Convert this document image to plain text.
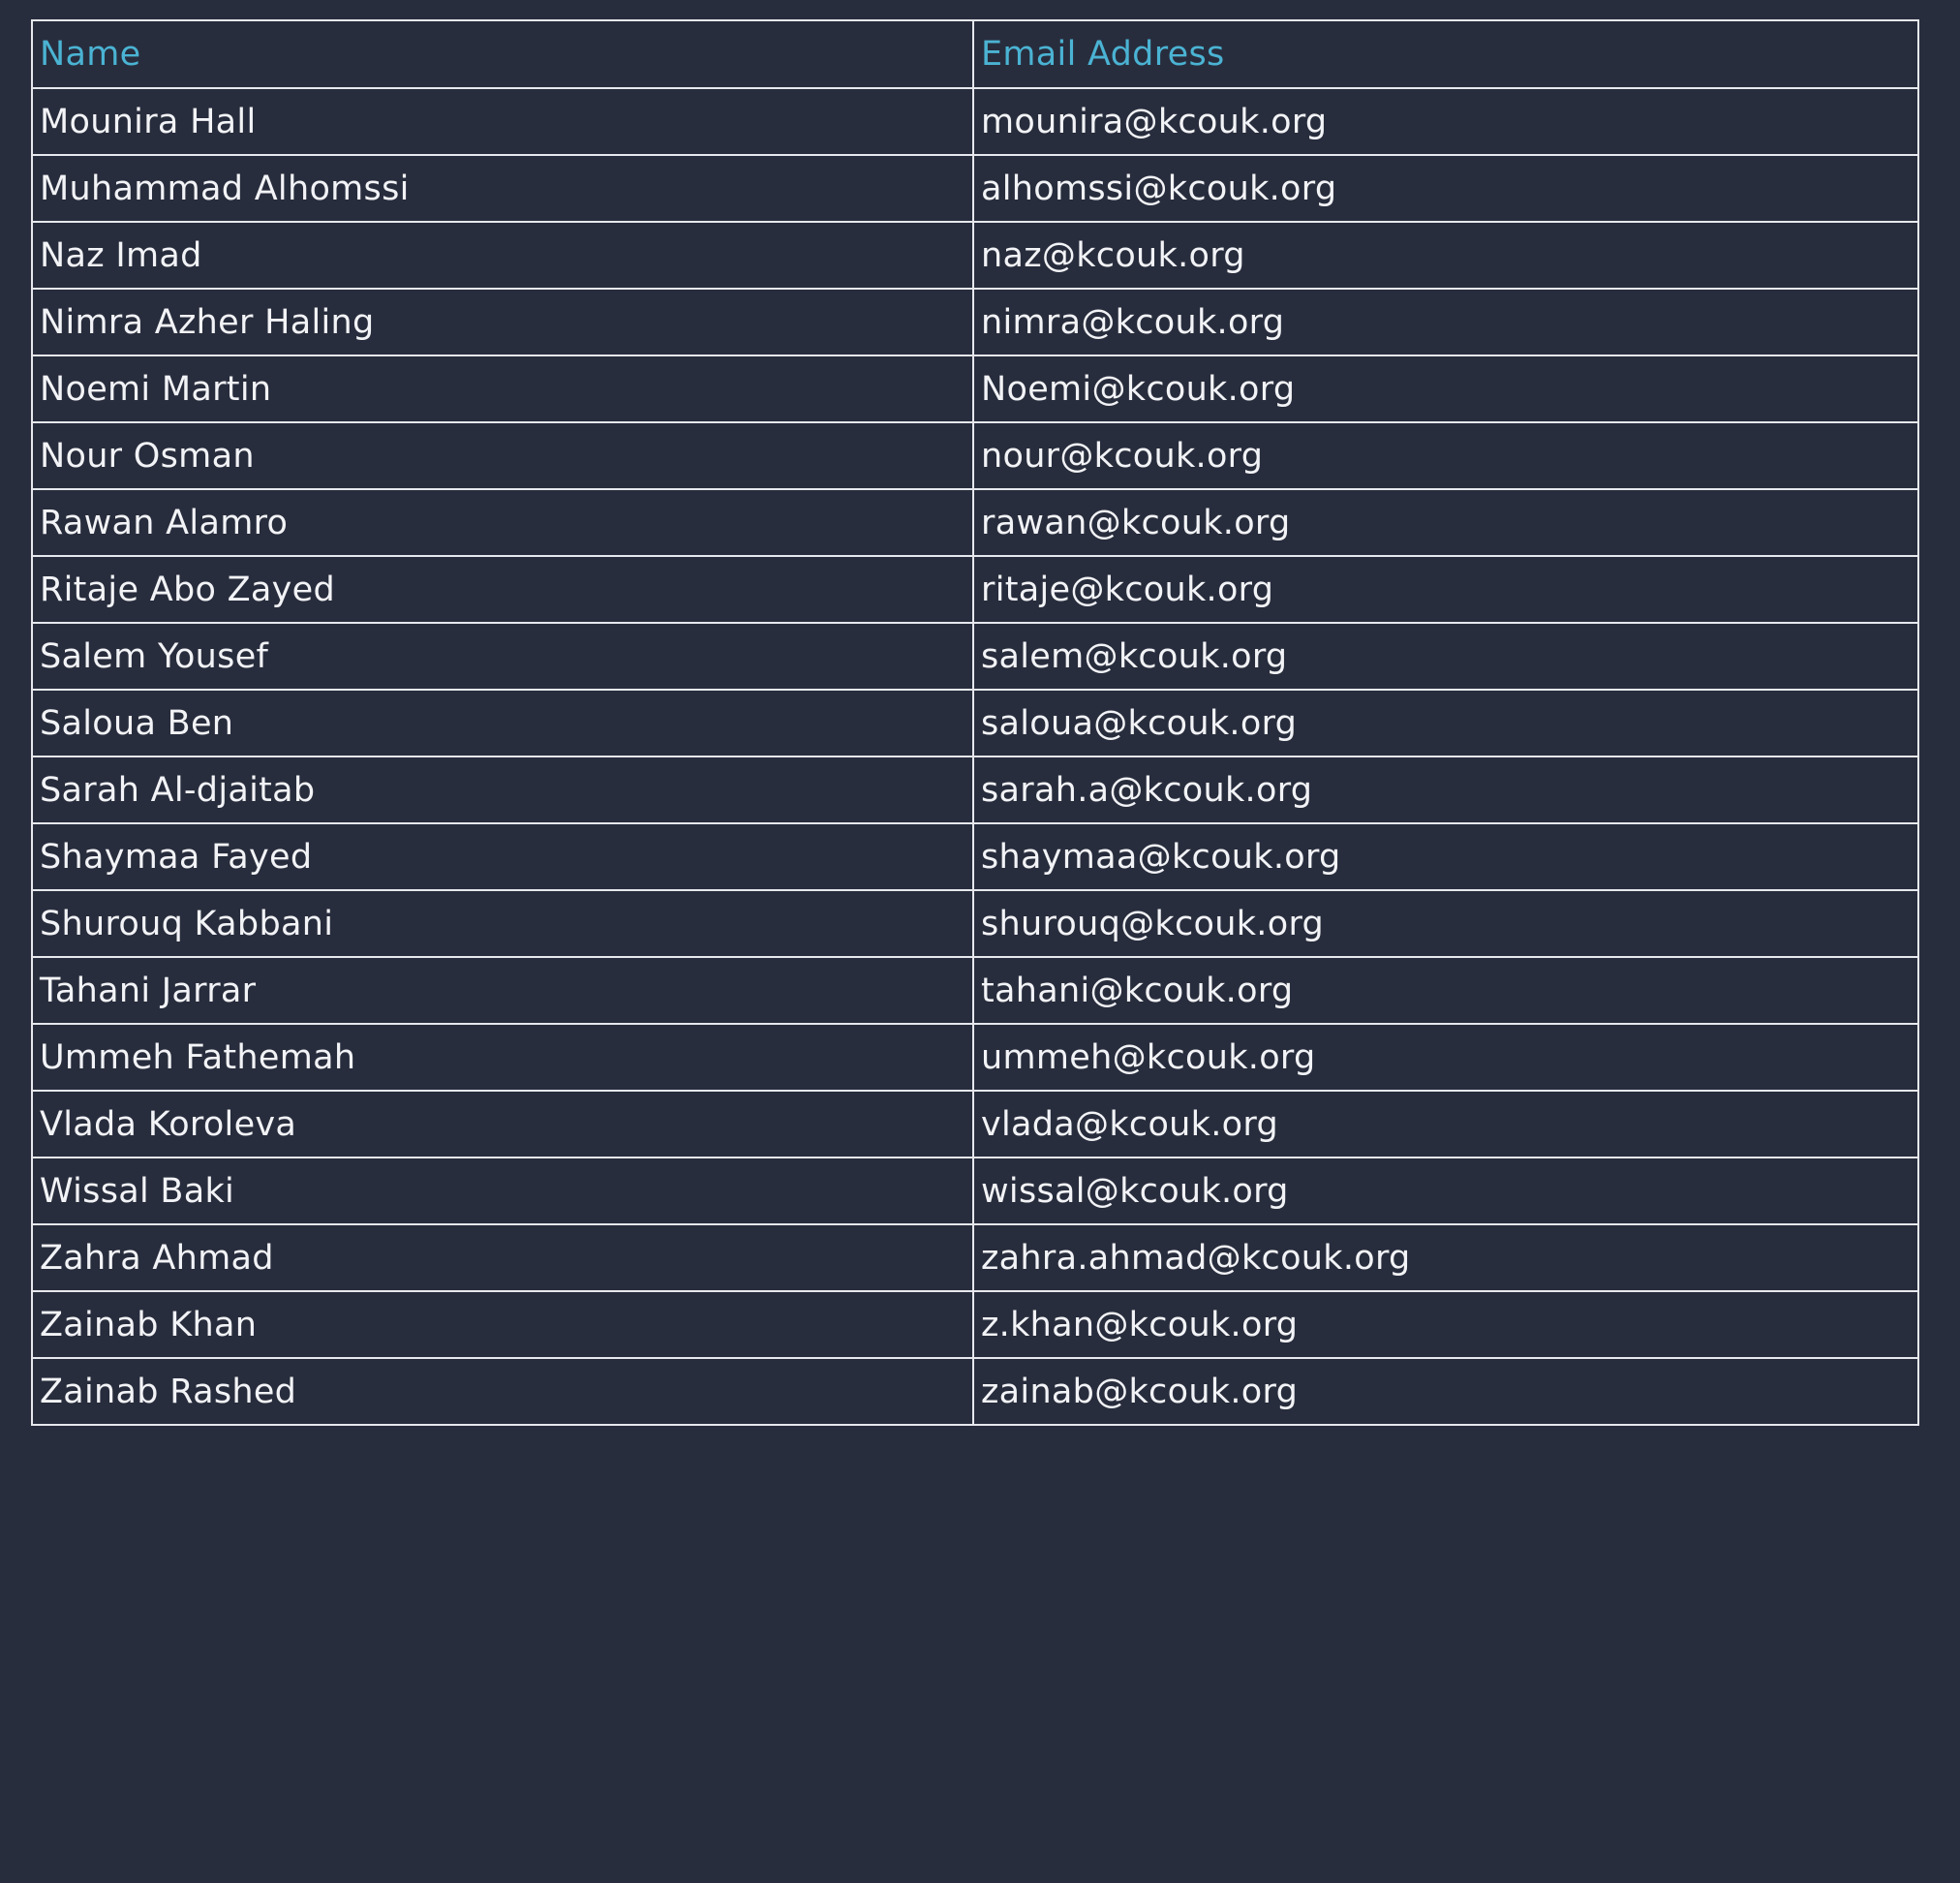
Name	Email Address
Mounira Hall	mounira@kcouk.org
Muhammad Alhomssi	alhomssi@kcouk.org
Naz Imad	naz@kcouk.org
Nimra Azher Haling	nimra@kcouk.org
Noemi Martin	Noemi@kcouk.org
Nour Osman	nour@kcouk.org
Rawan Alamro	rawan@kcouk.org
Ritaje Abo Zayed	ritaje@kcouk.org
Salem Yousef	salem@kcouk.org
Saloua Ben	saloua@kcouk.org
Sarah Al-djaitab	sarah.a@kcouk.org
Shaymaa Fayed	shaymaa@kcouk.org
Shurouq Kabbani	shurouq@kcouk.org
Tahani Jarrar	tahani@kcouk.org
Ummeh Fathemah	ummeh@kcouk.org
Vlada Koroleva	vlada@kcouk.org
Wissal Baki	wissal@kcouk.org
Zahra Ahmad	zahra.ahmad@kcouk.org
Zainab Khan	z.khan@kcouk.org
Zainab Rashed	zainab@kcouk.org
